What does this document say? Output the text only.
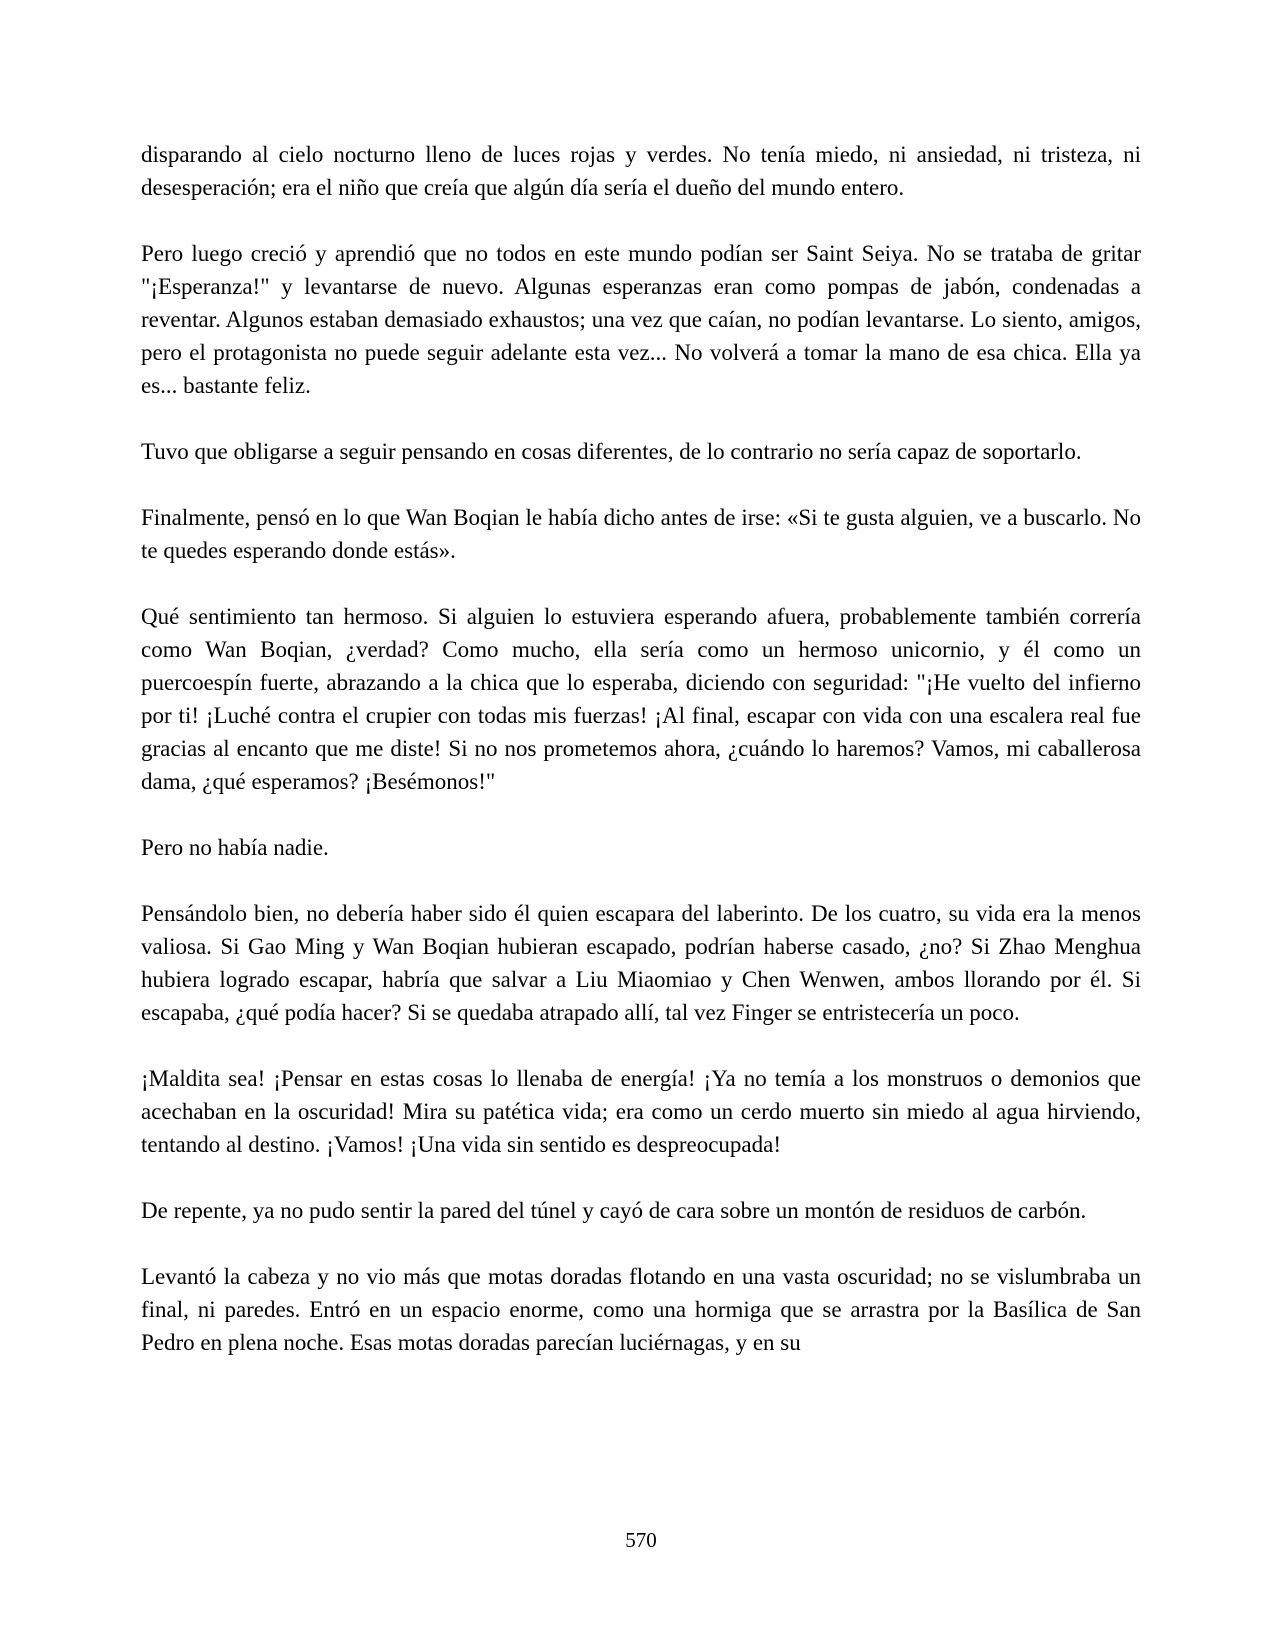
disparando al cielo nocturno lleno de luces rojas y verdes. No tenía miedo, ni ansiedad, ni tristeza, ni desesperación; era el niño que creía que algún día sería el dueño del mundo entero.

Pero luego creció y aprendió que no todos en este mundo podían ser Saint Seiya. No se trataba de gritar "¡Esperanza!" y levantarse de nuevo. Algunas esperanzas eran como pompas de jabón, condenadas a reventar. Algunos estaban demasiado exhaustos; una vez que caían, no podían levantarse. Lo siento, amigos, pero el protagonista no puede seguir adelante esta vez... No volverá a tomar la mano de esa chica. Ella ya es... bastante feliz.

Tuvo que obligarse a seguir pensando en cosas diferentes, de lo contrario no sería capaz de soportarlo.

Finalmente, pensó en lo que Wan Boqian le había dicho antes de irse: «Si te gusta alguien, ve a buscarlo. No te quedes esperando donde estás».

Qué sentimiento tan hermoso. Si alguien lo estuviera esperando afuera, probablemente también correría como Wan Boqian, ¿verdad? Como mucho, ella sería como un hermoso unicornio, y él como un puercoespín fuerte, abrazando a la chica que lo esperaba, diciendo con seguridad: "¡He vuelto del infierno por ti! ¡Luché contra el crupier con todas mis fuerzas! ¡Al final, escapar con vida con una escalera real fue gracias al encanto que me diste! Si no nos prometemos ahora, ¿cuándo lo haremos? Vamos, mi caballerosa dama, ¿qué esperamos? ¡Besémonos!"

Pero no había nadie.

Pensándolo bien, no debería haber sido él quien escapara del laberinto. De los cuatro, su vida era la menos valiosa. Si Gao Ming y Wan Boqian hubieran escapado, podrían haberse casado, ¿no? Si Zhao Menghua hubiera logrado escapar, habría que salvar a Liu Miaomiao y Chen Wenwen, ambos llorando por él. Si escapaba, ¿qué podía hacer? Si se quedaba atrapado allí, tal vez Finger se entristecería un poco.

¡Maldita sea! ¡Pensar en estas cosas lo llenaba de energía! ¡Ya no temía a los monstruos o demonios que acechaban en la oscuridad! Mira su patética vida; era como un cerdo muerto sin miedo al agua hirviendo, tentando al destino. ¡Vamos! ¡Una vida sin sentido es despreocupada!

De repente, ya no pudo sentir la pared del túnel y cayó de cara sobre un montón de residuos de carbón.

Levantó la cabeza y no vio más que motas doradas flotando en una vasta oscuridad; no se vislumbraba un final, ni paredes. Entró en un espacio enorme, como una hormiga que se arrastra por la Basílica de San Pedro en plena noche. Esas motas doradas parecían luciérnagas, y en su

570
